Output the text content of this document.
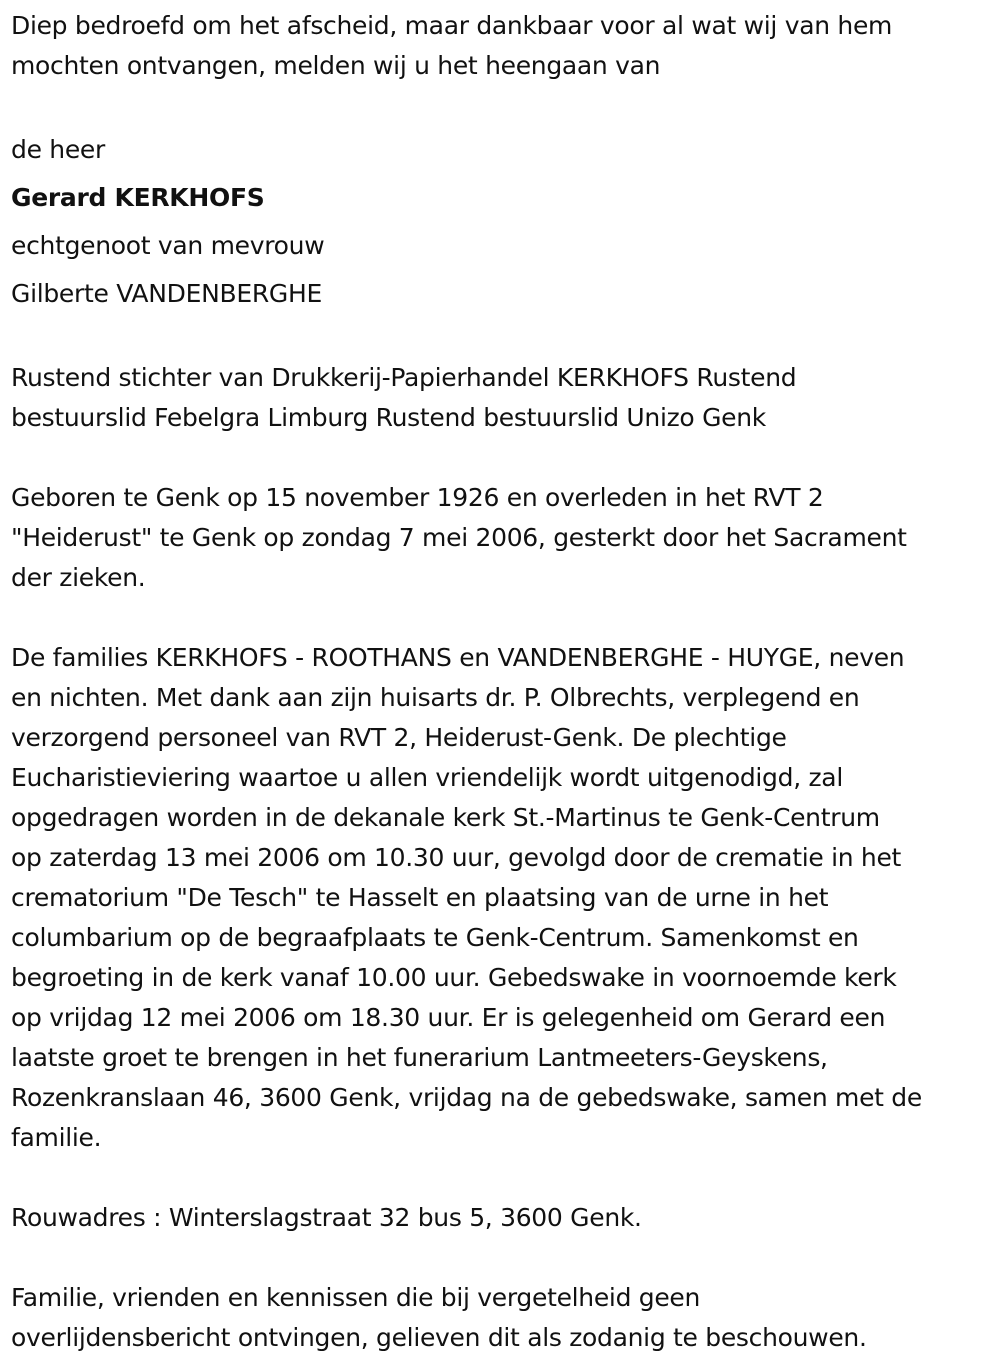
Diep bedroefd om het afscheid, maar dankbaar voor al wat wij van hem
mochten ontvangen, melden wij u het heengaan van

de heer

Gerard KERKHOFS

echtgenoot van mevrouw

Gilberte VANDENBERGHE

Rustend stichter van Drukkerij-Papierhandel KERKHOFS Rustend
bestuurslid Febelgra Limburg Rustend bestuurslid Unizo Genk

Geboren te Genk op 15 november 1926 en overleden in het RVT 2
"Heiderust" te Genk op zondag 7 mei 2006, gesterkt door het Sacrament
der zieken.

De families KERKHOFS - ROOTHANS en VANDENBERGHE - HUYGE, neven
en nichten. Met dank aan zijn huisarts dr. P. Olbrechts, verplegend en
verzorgend personeel van RVT 2, Heiderust-Genk. De plechtige
Eucharistieviering waartoe u allen vriendelijk wordt uitgenodigd, zal
opgedragen worden in de dekanale kerk St.-Martinus te Genk-Centrum
op zaterdag 13 mei 2006 om 10.30 uur, gevolgd door de crematie in het
crematorium "De Tesch" te Hasselt en plaatsing van de urne in het
columbarium op de begraafplaats te Genk-Centrum. Samenkomst en
begroeting in de kerk vanaf 10.00 uur. Gebedswake in voornoemde kerk
op vrijdag 12 mei 2006 om 18.30 uur. Er is gelegenheid om Gerard een
laatste groet te brengen in het funerarium Lantmeeters-Geyskens,
Rozenkranslaan 46, 3600 Genk, vrijdag na de gebedswake, samen met de
familie.

Rouwadres : Winterslagstraat 32 bus 5, 3600 Genk.

Familie, vrienden en kennissen die bij vergetelheid geen
overlijdensbericht ontvingen, gelieven dit als zodanig te beschouwen.
